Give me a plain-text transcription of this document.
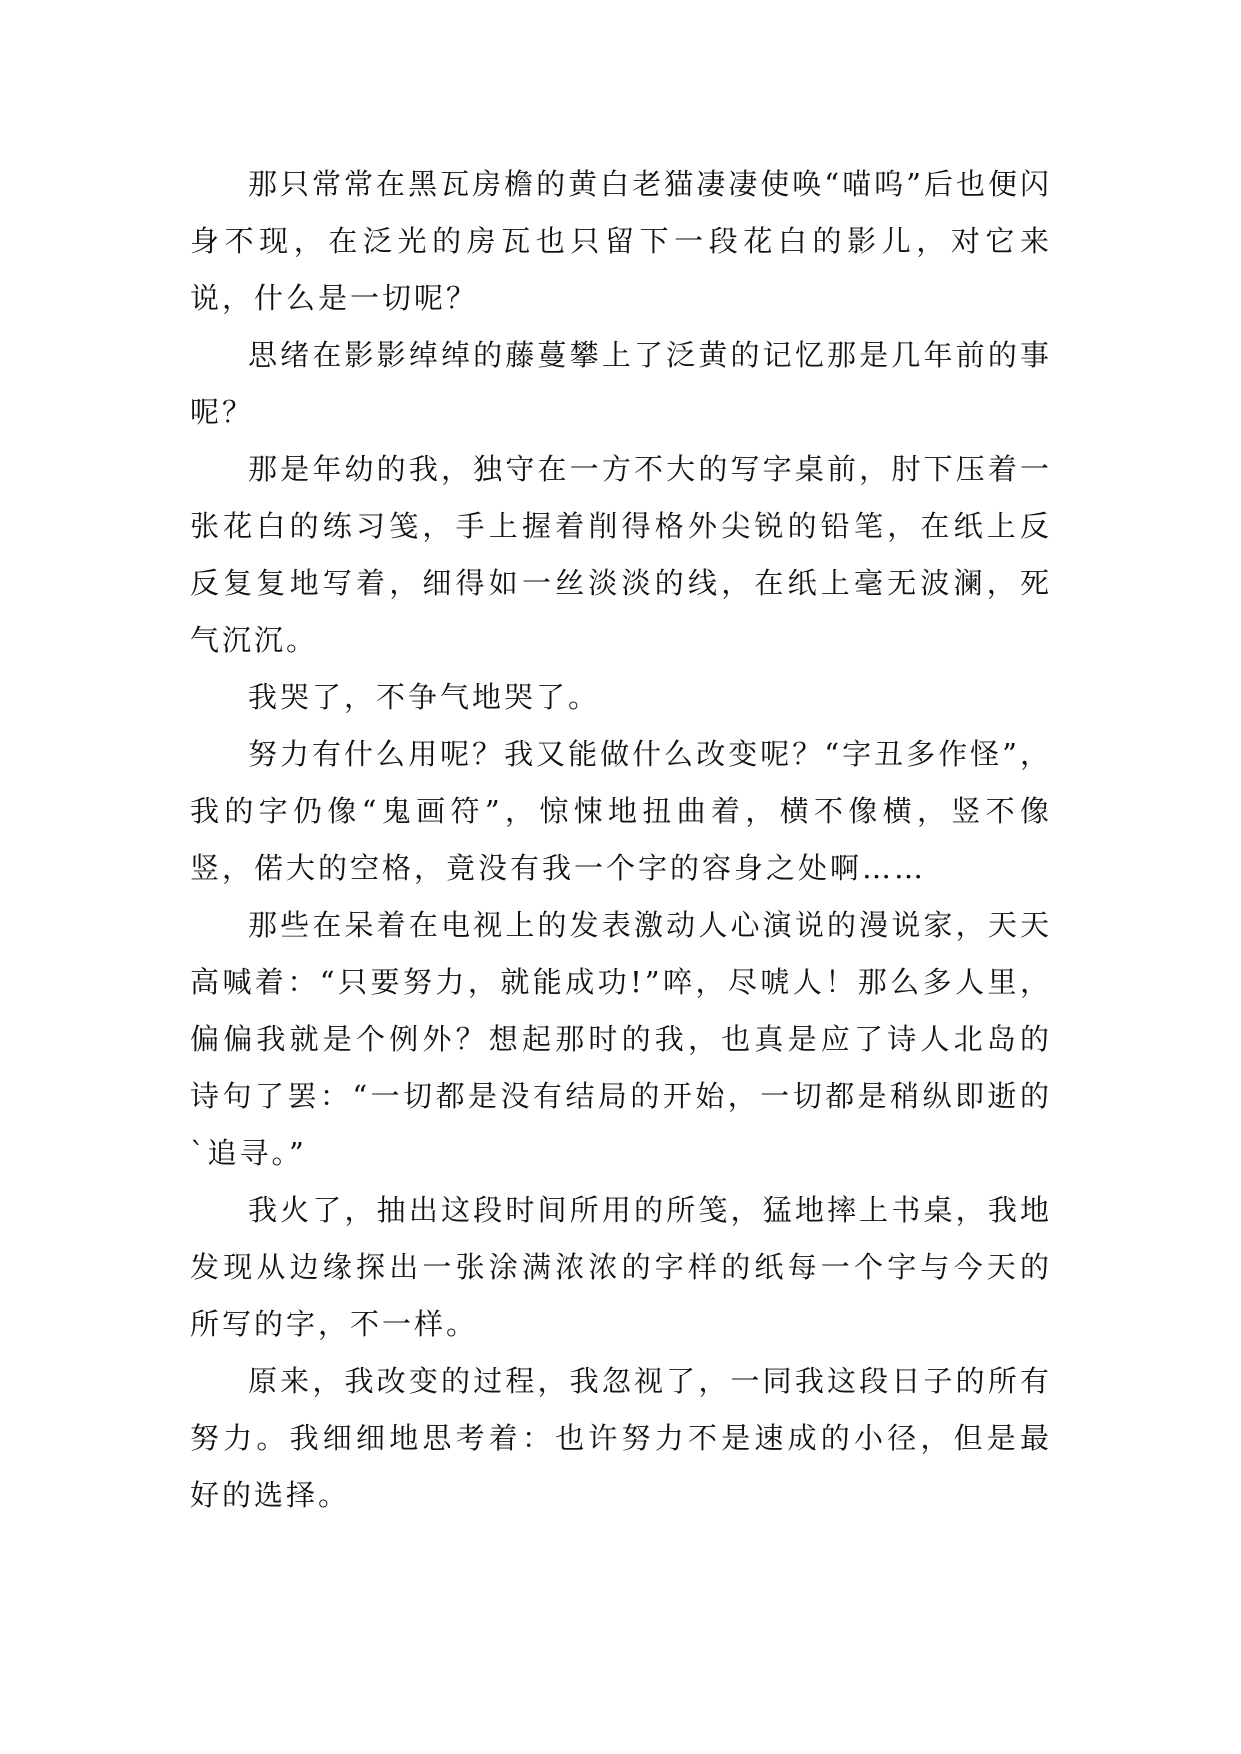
那只常常在黑瓦房檐的黄白老猫凄凄使唤“喵呜”后也便闪身不现，在泛光的房瓦也只留下一段花白的影儿，对它来说，什么是一切呢？

思绪在影影绰绰的藤蔓攀上了泛黄的记忆那是几年前的事呢？

那是年幼的我，独守在一方不大的写字桌前，肘下压着一张花白的练习笺，手上握着削得格外尖锐的铅笔，在纸上反反复复地写着，细得如一丝淡淡的线，在纸上毫无波澜，死气沉沉。

我哭了，不争气地哭了。

努力有什么用呢？我又能做什么改变呢？“字丑多作怪”，我的字仍像“鬼画符”，惊悚地扭曲着，横不像横，竖不像竖，偌大的空格，竟没有我一个字的容身之处啊……

那些在呆着在电视上的发表激动人心演说的漫说家，天天高喊着：“只要努力，就能成功!”啐，尽唬人！那么多人里，偏偏我就是个例外？想起那时的我，也真是应了诗人北岛的诗句了罢：“一切都是没有结局的开始，一切都是稍纵即逝的`追寻。”

我火了，抽出这段时间所用的所笺，猛地摔上书桌，我地发现从边缘探出一张涂满浓浓的字样的纸每一个字与今天的所写的字，不一样。

原来，我改变的过程，我忽视了，一同我这段日子的所有努力。我细细地思考着：也许努力不是速成的小径，但是最好的选择。
